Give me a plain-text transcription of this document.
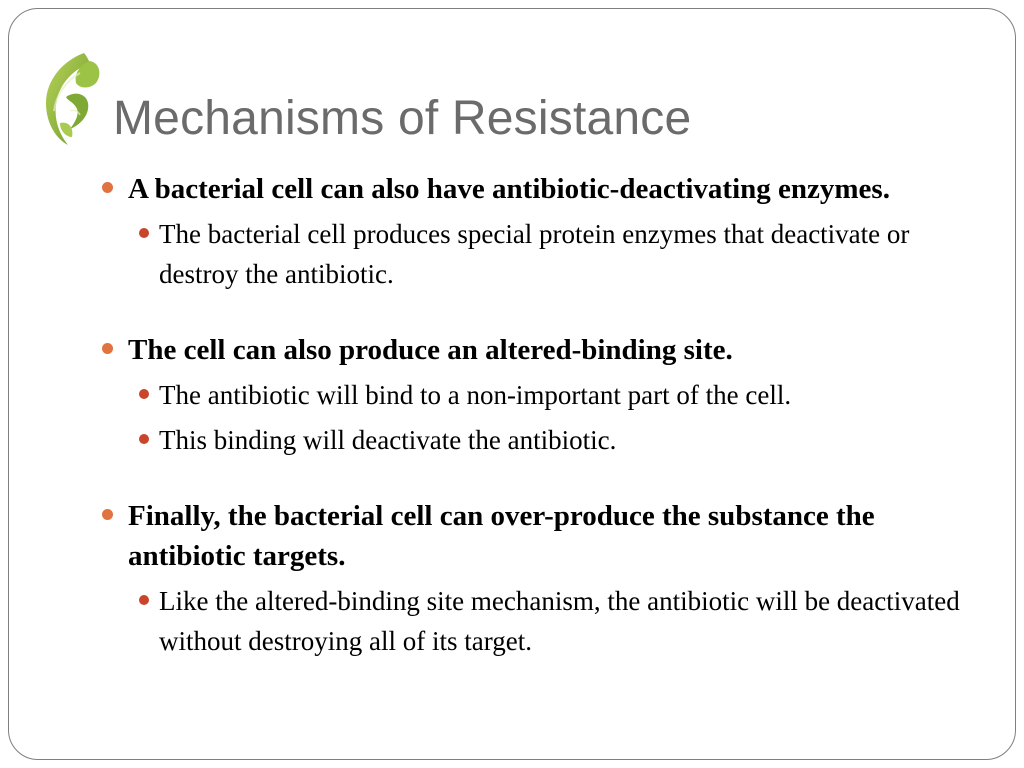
Mechanisms of Resistance

A bacterial cell can also have antibiotic-deactivating enzymes.

The bacterial cell produces special protein enzymes that deactivate or destroy the antibiotic.

The cell can also produce an altered-binding site.

The antibiotic will bind to a non-important part of the cell.

This binding will deactivate the antibiotic.

Finally, the bacterial cell can over-produce the substance the antibiotic targets.

Like the altered-binding site mechanism, the antibiotic will be deactivated without destroying all of its target.
